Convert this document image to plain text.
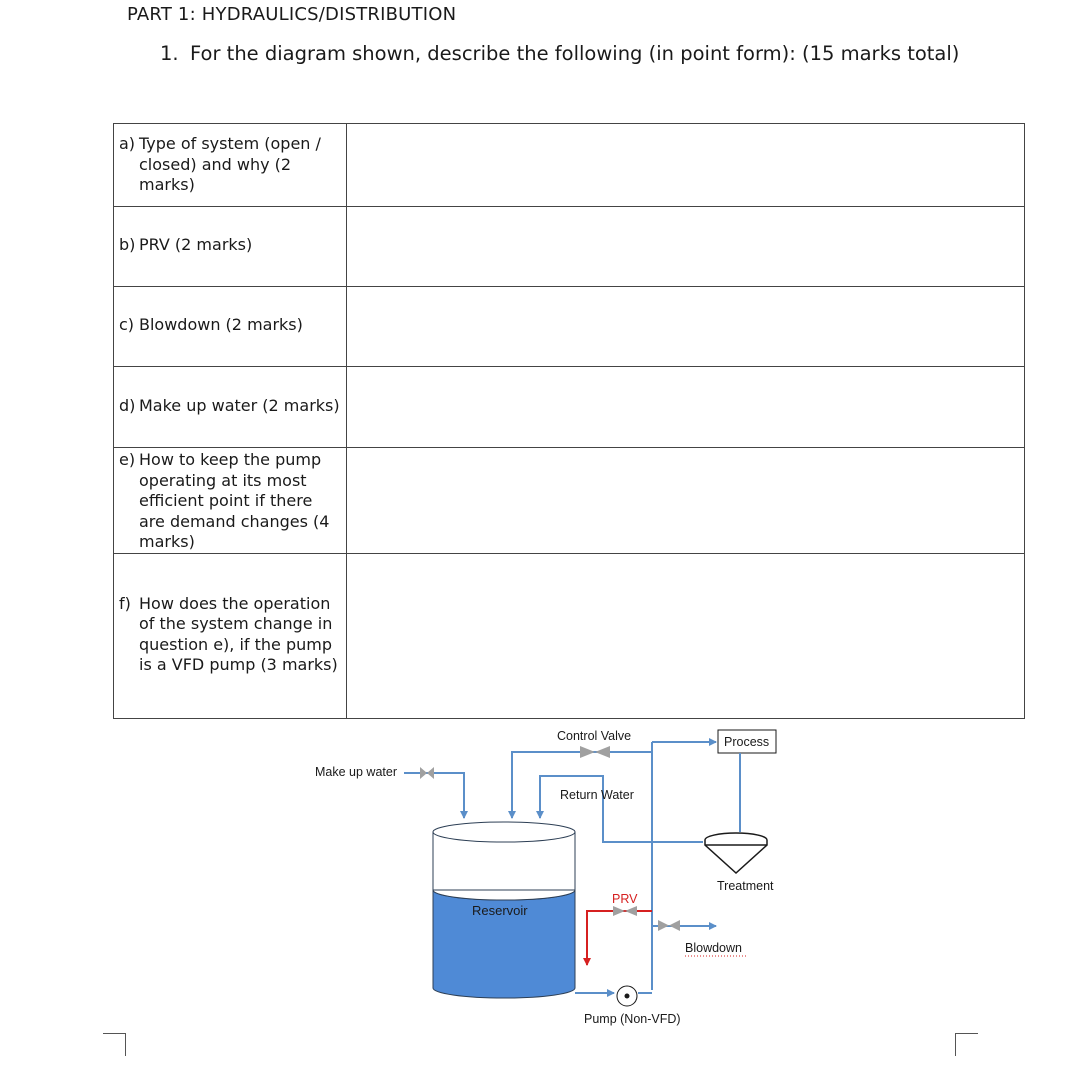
PART 1: HYDRAULICS/DISTRIBUTION
1. For the diagram shown, describe the following (in point form): (15 marks total)
a) Type of system (open / closed) and why (2 marks)	

b) PRV (2 marks)	

c) Blowdown (2 marks)	

d) Make up water (2 marks)	

e) How to keep the pump operating at its most efficient point if there are demand changes (4 marks)	

f) How does the operation of the system change in question e), if the pump is a VFD pump (3 marks)	

Reservoir
Make up water
Control Valve	Process
Treatment
Return Water
PRV
Blowdown
Pump (Non-VFD)
